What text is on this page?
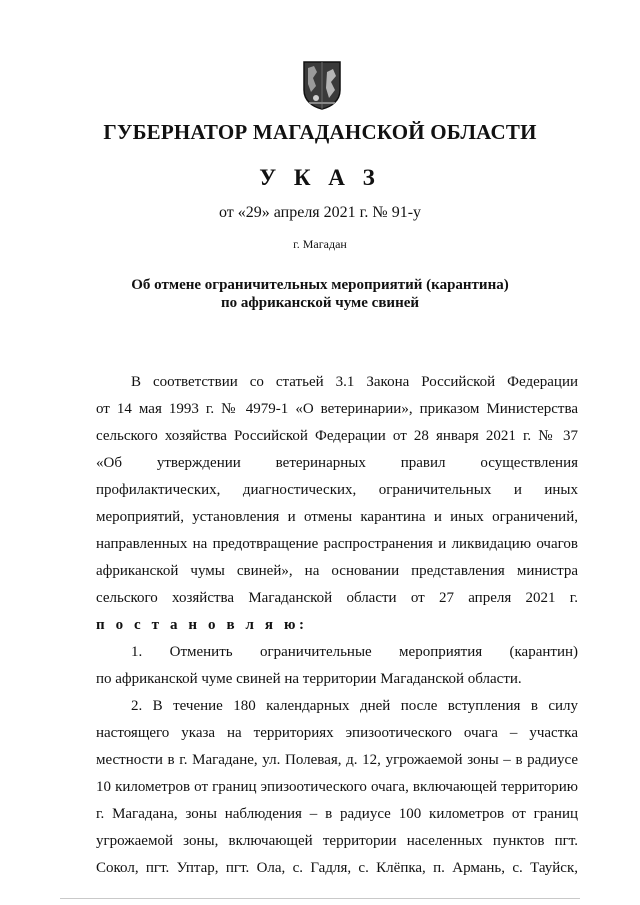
ГУБЕРНАТОР МАГАДАНСКОЙ ОБЛАСТИ
У К А З
от «29» апреля 2021 г. № 91-у
г. Магадан
Об отмене ограничительных мероприятий (карантина)
по африканской чуме свиней
В соответствии со статьей 3.1 Закона Российской Федерации
от 14 мая 1993 г. № 4979-1 «О ветеринарии», приказом Министерства
сельского хозяйства Российской Федерации от 28 января 2021 г. № 37
«Об утверждении ветеринарных правил осуществления
профилактических, диагностических, ограничительных и иных
мероприятий, установления и отмены карантина и иных ограничений,
направленных на предотвращение распространения и ликвидацию очагов
африканской чумы свиней», на основании представления министра
сельского хозяйства Магаданской области от 27 апреля 2021 г.
п о с т а н о в л я ю:
1. Отменить ограничительные мероприятия (карантин)
по африканской чуме свиней на территории Магаданской области.
2. В течение 180 календарных дней после вступления в силу
настоящего указа на территориях эпизоотического очага – участка
местности в г. Магадане, ул. Полевая, д. 12, угрожаемой зоны – в радиусе
10 километров от границ эпизоотического очага, включающей территорию
г. Магадана, зоны наблюдения – в радиусе 100 километров от границ
угрожаемой зоны, включающей территории населенных пунктов пгт.
Сокол, пгт. Уптар, пгт. Ола, с. Гадля, с. Клёпка, п. Армань, с. Тауйск,
